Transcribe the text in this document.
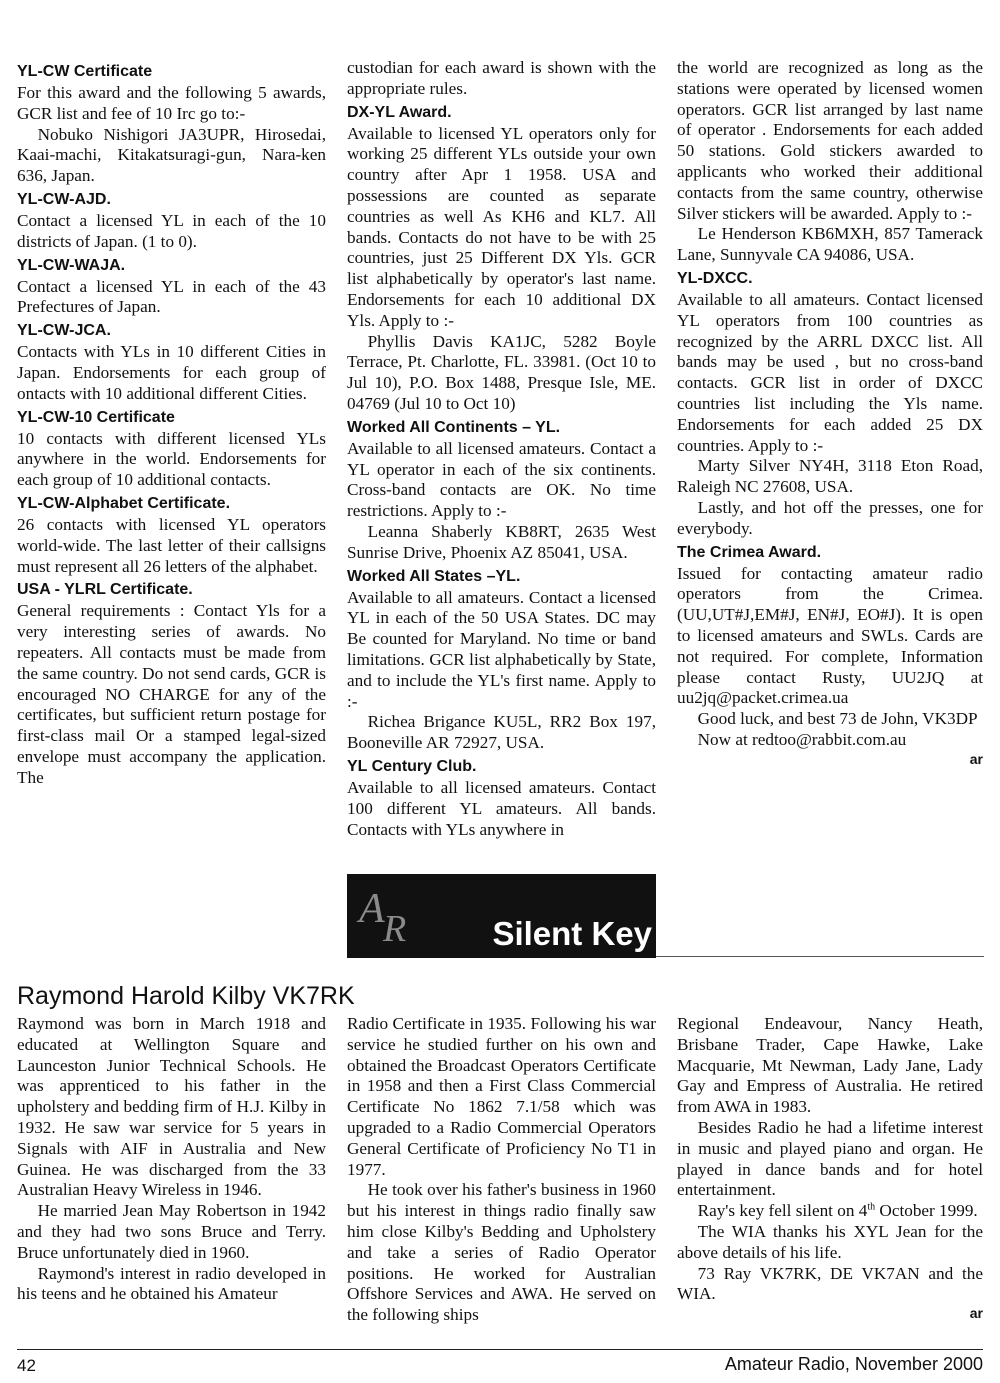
YL-CW Certificate

For this award and the following 5 awards, GCR list and fee of 10 Irc go to:-

Nobuko Nishigori JA3UPR, Hirosedai, Kaai-machi, Kitakatsuragi-gun, Nara-ken 636, Japan.

YL-CW-AJD.

Contact a licensed YL in each of the 10 districts of Japan. (1 to 0).

YL-CW-WAJA.

Contact a licensed YL in each of the 43 Prefectures of Japan.

YL-CW-JCA.

Contacts with YLs in 10 different Cities in Japan. Endorsements for each group of ontacts with 10 additional different Cities.

YL-CW-10 Certificate

10 contacts with different licensed YLs anywhere in the world. Endorsements for each group of 10 additional contacts.

YL-CW-Alphabet Certificate.

26 contacts with licensed YL operators world-wide. The last letter of their callsigns must represent all 26 letters of the alphabet.

USA - YLRL Certificate.

General requirements : Contact Yls for a very interesting series of awards. No repeaters. All contacts must be made from the same country. Do not send cards, GCR is encouraged NO CHARGE for any of the certificates, but sufficient return postage for first-class mail Or a stamped legal-sized envelope must accompany the application. The

custodian for each award is shown with the appropriate rules.

DX-YL Award.

Available to licensed YL operators only for working 25 different YLs outside your own country after Apr 1 1958. USA and possessions are counted as separate countries as well As KH6 and KL7. All bands. Contacts do not have to be with 25 countries, just 25 Different DX Yls. GCR list alphabetically by operator's last name. Endorsements for each 10 additional DX Yls. Apply to :-

Phyllis Davis KA1JC, 5282 Boyle Terrace, Pt. Charlotte, FL. 33981. (Oct 10 to Jul 10), P.O. Box 1488, Presque Isle, ME. 04769 (Jul 10 to Oct 10)

Worked All Continents – YL.

Available to all licensed amateurs. Contact a YL operator in each of the six continents. Cross-band contacts are OK. No time restrictions. Apply to :-

Leanna Shaberly KB8RT, 2635 West Sunrise Drive, Phoenix AZ 85041, USA.

Worked All States –YL.

Available to all amateurs. Contact a licensed YL in each of the 50 USA States. DC may Be counted for Maryland. No time or band limitations. GCR list alphabetically by State, and to include the YL's first name. Apply to :-

Richea Brigance KU5L, RR2 Box 197, Booneville AR 72927, USA.

YL Century Club.

Available to all licensed amateurs. Contact 100 different YL amateurs. All bands. Contacts with YLs anywhere in

the world are recognized as long as the stations were operated by licensed women operators. GCR list arranged by last name of operator . Endorsements for each added 50 stations. Gold stickers awarded to applicants who worked their additional contacts from the same country, otherwise Silver stickers will be awarded. Apply to :-

Le Henderson KB6MXH, 857 Tamerack Lane, Sunnyvale CA 94086, USA.

YL-DXCC.

Available to all amateurs. Contact licensed YL operators from 100 countries as recognized by the ARRL DXCC list. All bands may be used , but no cross-band contacts. GCR list in order of DXCC countries list including the Yls name. Endorsements for each added 25 DX countries. Apply to :-

Marty Silver NY4H, 3118 Eton Road, Raleigh NC 27608, USA.

Lastly, and hot off the presses, one for everybody.

The Crimea Award.

Issued for contacting amateur radio operators from the Crimea. (UU,UT#J,EM#J, EN#J, EO#J). It is open to licensed amateurs and SWLs. Cards are not required. For complete, Information please contact Rusty, UU2JQ at uu2jq@packet.crimea.ua

Good luck, and best 73 de John, VK3DP

Now at redtoo@rabbit.com.au

ar
A
R	Silent Key
Raymond Harold Kilby VK7RK

Raymond was born in March 1918 and educated at Wellington Square and Launceston Junior Technical Schools. He was apprenticed to his father in the upholstery and bedding firm of H.J. Kilby in 1932. He saw war service for 5 years in Signals with AIF in Australia and New Guinea. He was discharged from the 33 Australian Heavy Wireless in 1946.

He married Jean May Robertson in 1942 and they had two sons Bruce and Terry. Bruce unfortunately died in 1960.

Raymond's interest in radio developed in his teens and he obtained his Amateur

Radio Certificate in 1935. Following his war service he studied further on his own and obtained the Broadcast Operators Certificate in 1958 and then a First Class Commercial Certificate No 1862 7.1/58 which was upgraded to a Radio Commercial Operators General Certificate of Proficiency No T1 in 1977.

He took over his father's business in 1960 but his interest in things radio finally saw him close Kilby's Bedding and Upholstery and take a series of Radio Operator positions. He worked for Australian Offshore Services and AWA. He served on the following ships

Regional Endeavour, Nancy Heath, Brisbane Trader, Cape Hawke, Lake Macquarie, Mt Newman, Lady Jane, Lady Gay and Empress of Australia. He retired from AWA in 1983.

Besides Radio he had a lifetime interest in music and played piano and organ. He played in dance bands and for hotel entertainment.

Ray's key fell silent on 4th October 1999.

The WIA thanks his XYL Jean for the above details of his life.

73 Ray VK7RK, DE VK7AN and the WIA.

ar
42	Amateur Radio, November 2000
